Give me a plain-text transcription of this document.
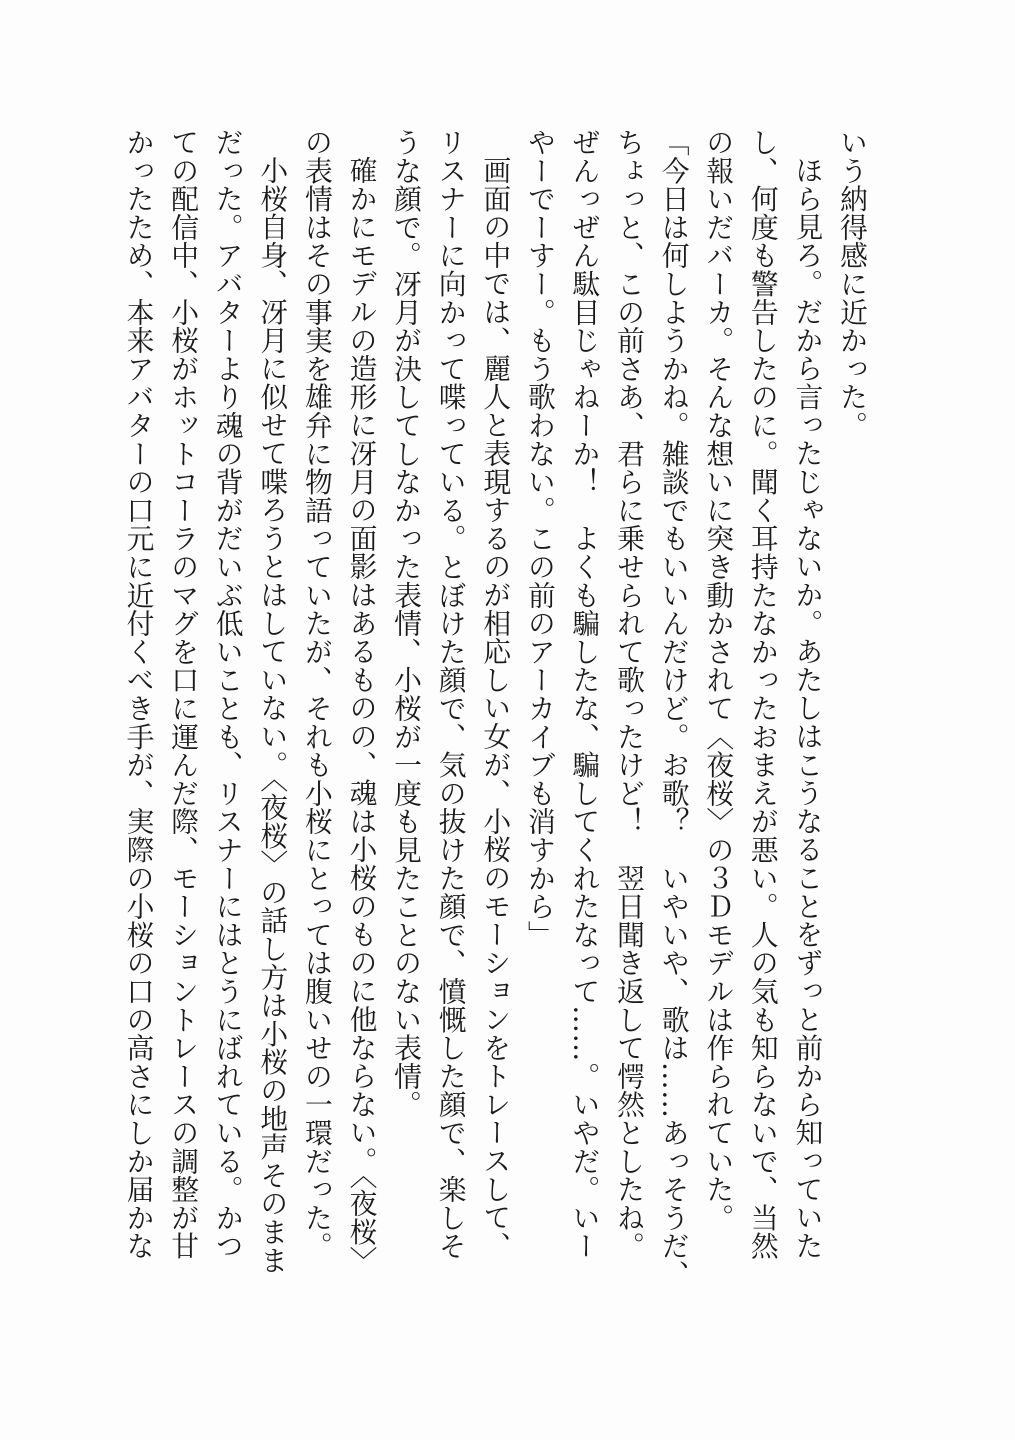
いう納得感に近かった。
ほら見ろ。だから言ったじゃないか。あたしはこうなることをずっと前から知っていた
し、何度も警告したのに。聞く耳持たなかったおまえが悪い。人の気も知らないで、当然
の報いだバーカ。そんな想いに突き動かされて〈夜桜〉の３Ｄモデルは作られていた。
「今日は何しようかね。雑談でもいいんだけど。お歌？　いやいや、歌は……あっそうだ、
ちょっと、この前さあ、君らに乗せられて歌ったけど！　翌日聞き返して愕然としたね。
ぜんっぜん駄目じゃねーか！　よくも騙したな、騙してくれたなって……。いやだ。いー
やーでーすー。もう歌わない。この前のアーカイブも消すから」
画面の中では、麗人と表現するのが相応しい女が、小桜のモーションをトレースして、
リスナーに向かって喋っている。とぼけた顔で、気の抜けた顔で、憤慨した顔で、楽しそ
うな顔で。冴月が決してしなかった表情、小桜が一度も見たことのない表情。
確かにモデルの造形に冴月の面影はあるものの、魂は小桜のものに他ならない。〈夜桜〉
の表情はその事実を雄弁に物語っていたが、それも小桜にとっては腹いせの一環だった。
小桜自身、冴月に似せて喋ろうとはしていない。〈夜桜〉の話し方は小桜の地声そのまま
だった。アバターより魂の背がだいぶ低いことも、リスナーにはとうにばれている。かつ
ての配信中、小桜がホットコーラのマグを口に運んだ際、モーショントレースの調整が甘
かったため、本来アバターの口元に近付くべき手が、実際の小桜の口の高さにしか届かな
